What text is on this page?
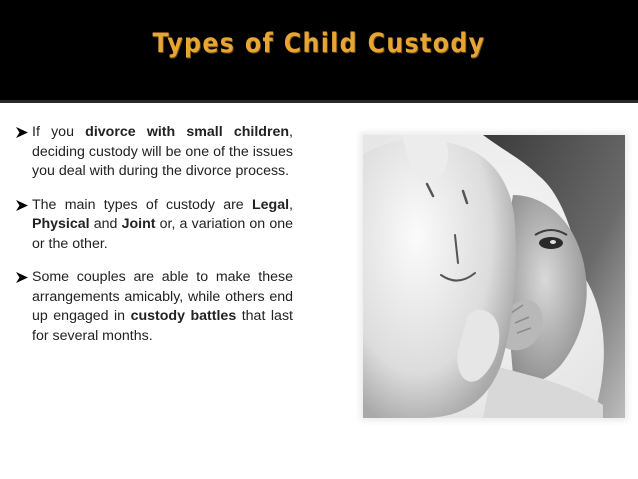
Types of Child Custody
If you divorce with small children, deciding custody will be one of the issues you deal with during the divorce process.
The main types of custody are Legal, Physical and Joint or, a variation on one or the other.
Some couples are able to make these arrangements amicably, while others end up engaged in custody battles that last for several months.
